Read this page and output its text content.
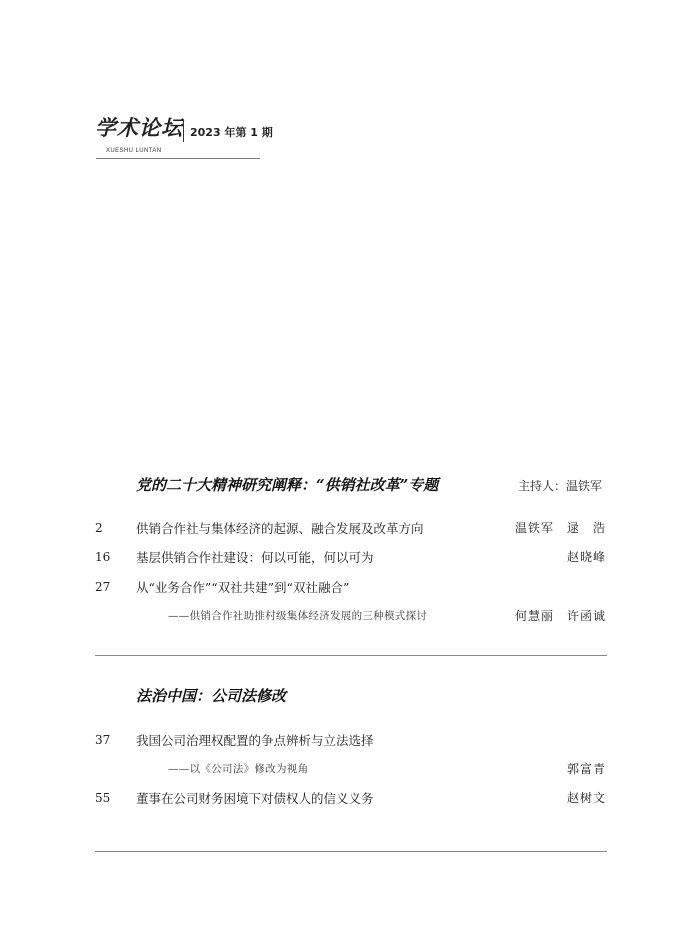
学术论坛 2023 年第 1 期
XUESHU LUNTAN
党的二十大精神研究阐释：“供销社改革”专题	主持人：温铁军
2	供销合作社与集体经济的起源、融合发展及改革方向	温铁军　逯　浩
16 基层供销合作社建设：何以可能，何以可为	赵晓峰
27 从“业务合作”“双社共建”到“双社融合”
——供销合作社助推村级集体经济发展的三种模式探讨	何慧丽　许函诚
法治中国：公司法修改
37 我国公司治理权配置的争点辨析与立法选择
——以《公司法》修改为视角	郭富青
55 董事在公司财务困境下对债权人的信义义务	赵树文
